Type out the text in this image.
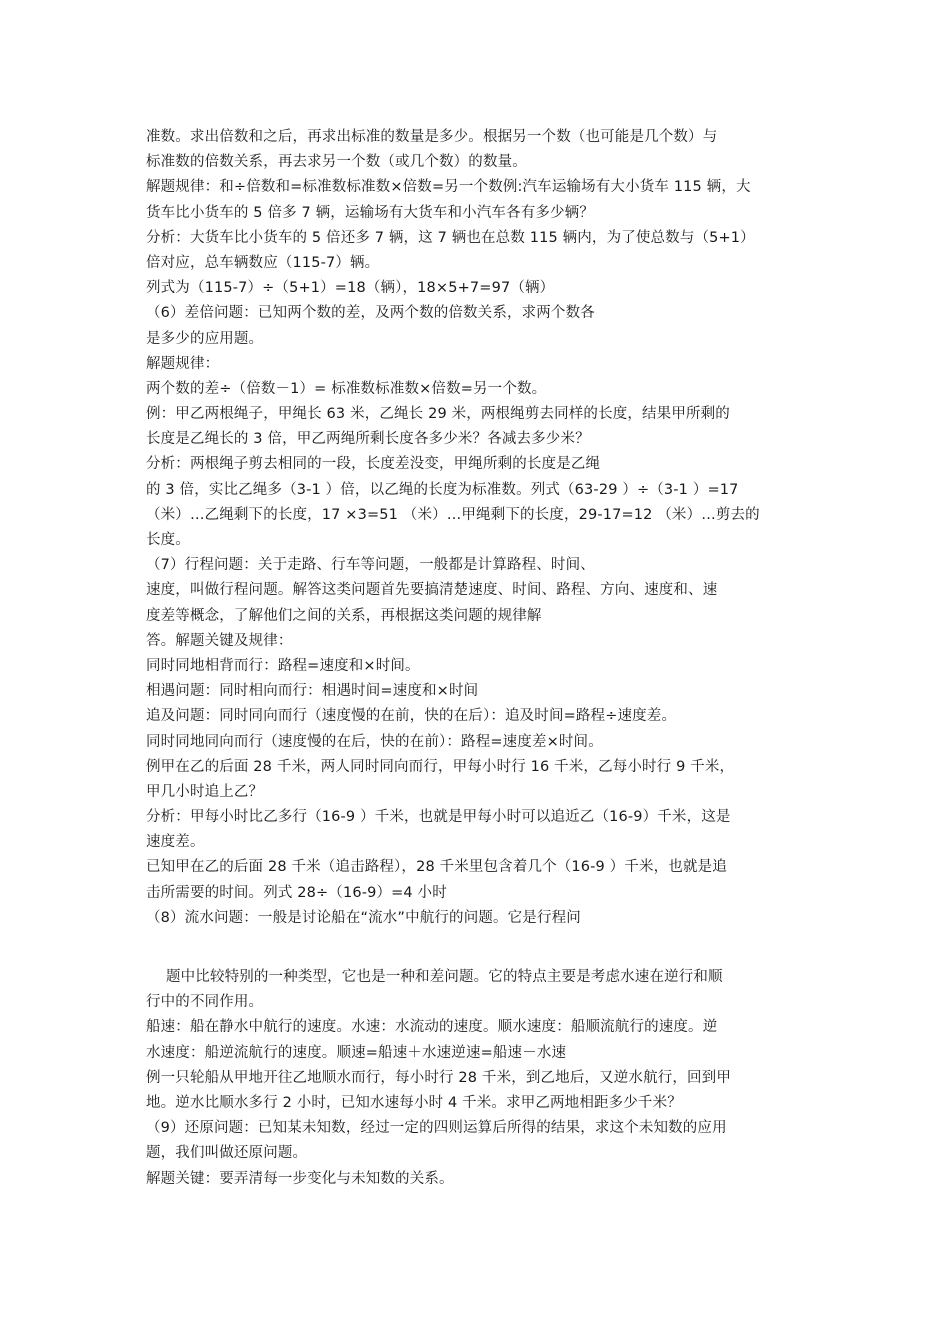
准数。求出倍数和之后，再求出标准的数量是多少。根据另一个数（也可能是几个数）与
标准数的倍数关系，再去求另一个数（或几个数）的数量。
解题规律：和÷倍数和=标准数标准数×倍数=另一个数例:汽车运输场有大小货车 115 辆，大
货车比小货车的 5 倍多 7 辆，运输场有大货车和小汽车各有多少辆？
分析：大货车比小货车的 5 倍还多 7 辆，这 7 辆也在总数 115 辆内，为了使总数与（5+1）
倍对应，总车辆数应（115-7）辆。
列式为（115-7）÷（5+1）=18（辆），18×5+7=97（辆）
（6）差倍问题：已知两个数的差，及两个数的倍数关系，求两个数各
是多少的应用题。
解题规律：
两个数的差÷（倍数－1）= 标准数标准数×倍数=另一个数。
例：甲乙两根绳子，甲绳长 63 米，乙绳长 29 米，两根绳剪去同样的长度，结果甲所剩的
长度是乙绳长的 3 倍，甲乙两绳所剩长度各多少米？各减去多少米？
分析：两根绳子剪去相同的一段，长度差没变，甲绳所剩的长度是乙绳
的 3 倍，实比乙绳多（3-1 ）倍，以乙绳的长度为标准数。列式（63-29 ）÷（3-1 ）=17
（米）…乙绳剩下的长度，17 ×3=51 （米）…甲绳剩下的长度，29-17=12 （米）…剪去的
长度。
（7）行程问题：关于走路、行车等问题，一般都是计算路程、时间、
速度，叫做行程问题。解答这类问题首先要搞清楚速度、时间、路程、方向、速度和、速
度差等概念，了解他们之间的关系，再根据这类问题的规律解
答。解题关键及规律：
同时同地相背而行：路程=速度和×时间。
相遇问题：同时相向而行：相遇时间=速度和×时间
追及问题：同时同向而行（速度慢的在前，快的在后）：追及时间=路程÷速度差。
同时同地同向而行（速度慢的在后，快的在前）：路程=速度差×时间。
例甲在乙的后面 28 千米，两人同时同向而行，甲每小时行 16 千米，乙每小时行 9 千米，
甲几小时追上乙？
分析：甲每小时比乙多行（16-9 ）千米，也就是甲每小时可以追近乙（16-9）千米，这是
速度差。
已知甲在乙的后面 28 千米（追击路程），28 千米里包含着几个（16-9 ）千米，也就是追
击所需要的时间。列式 28÷（16-9）=4 小时
（8）流水问题：一般是讨论船在“流水”中航行的问题。它是行程问
题中比较特别的一种类型，它也是一种和差问题。它的特点主要是考虑水速在逆行和顺
行中的不同作用。
船速：船在静水中航行的速度。水速：水流动的速度。顺水速度：船顺流航行的速度。逆
水速度：船逆流航行的速度。顺速=船速＋水速逆速=船速－水速
例一只轮船从甲地开往乙地顺水而行，每小时行 28 千米，到乙地后，又逆水航行，回到甲
地。逆水比顺水多行 2 小时，已知水速每小时 4 千米。求甲乙两地相距多少千米？
（9）还原问题：已知某未知数，经过一定的四则运算后所得的结果，求这个未知数的应用
题，我们叫做还原问题。
解题关键：要弄清每一步变化与未知数的关系。
